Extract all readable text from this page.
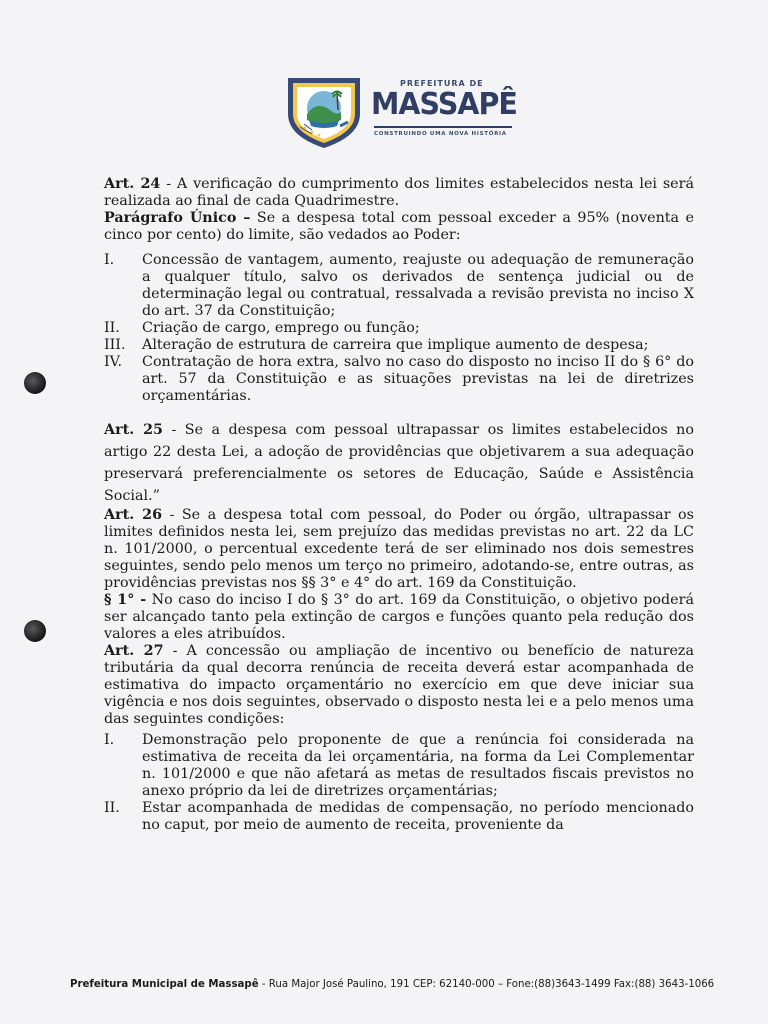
PREFEITURA DE
MASSAPÊ
CONSTRUINDO UMA NOVA HISTÓRIA

Art. 24 - A verificação do cumprimento dos limites estabelecidos nesta lei será realizada ao final de cada Quadrimestre.

Parágrafo Único – Se a despesa total com pessoal exceder a 95% (noventa e cinco por cento) do limite, são vedados ao Poder:

I.	Concessão de vantagem, aumento, reajuste ou adequação de remuneração a qualquer título, salvo os derivados de sentença judicial ou de determinação legal ou contratual, ressalvada a revisão prevista no inciso X do art. 37 da Constituição;
II.	Criação de cargo, emprego ou função;
III.	Alteração de estrutura de carreira que implique aumento de despesa;
IV.	Contratação de hora extra, salvo no caso do disposto no inciso II do § 6° do art. 57 da Constituição e as situações previstas na lei de diretrizes orçamentárias.

Art. 25 - Se a despesa com pessoal ultrapassar os limites estabelecidos no artigo 22 desta Lei, a adoção de providências que objetivarem a sua adequação preservará preferencialmente os setores de Educação, Saúde e Assistência Social.”

Art. 26 - Se a despesa total com pessoal, do Poder ou órgão, ultrapassar os limites definidos nesta lei, sem prejuízo das medidas previstas no art. 22 da LC n. 101/2000, o percentual excedente terá de ser eliminado nos dois semestres seguintes, sendo pelo menos um terço no primeiro, adotando-se, entre outras, as providências previstas nos §§ 3° e 4° do art. 169 da Constituição.

§ 1° - No caso do inciso I do § 3° do art. 169 da Constituição, o objetivo poderá ser alcançado tanto pela extinção de cargos e funções quanto pela redução dos valores a eles atribuídos.

Art. 27 - A concessão ou ampliação de incentivo ou benefício de natureza tributária da qual decorra renúncia de receita deverá estar acompanhada de estimativa do impacto orçamentário no exercício em que deve iniciar sua vigência e nos dois seguintes, observado o disposto nesta lei e a pelo menos uma das seguintes condições:

I.	Demonstração pelo proponente de que a renúncia foi considerada na estimativa de receita da lei orçamentária, na forma da Lei Complementar n. 101/2000 e que não afetará as metas de resultados fiscais previstos no anexo próprio da lei de diretrizes orçamentárias;
II.	Estar acompanhada de medidas de compensação, no período mencionado no caput, por meio de aumento de receita, proveniente da
Prefeitura Municipal de Massapê - Rua Major José Paulino, 191 CEP: 62140-000 – Fone:(88)3643-1499 Fax:(88) 3643-1066
